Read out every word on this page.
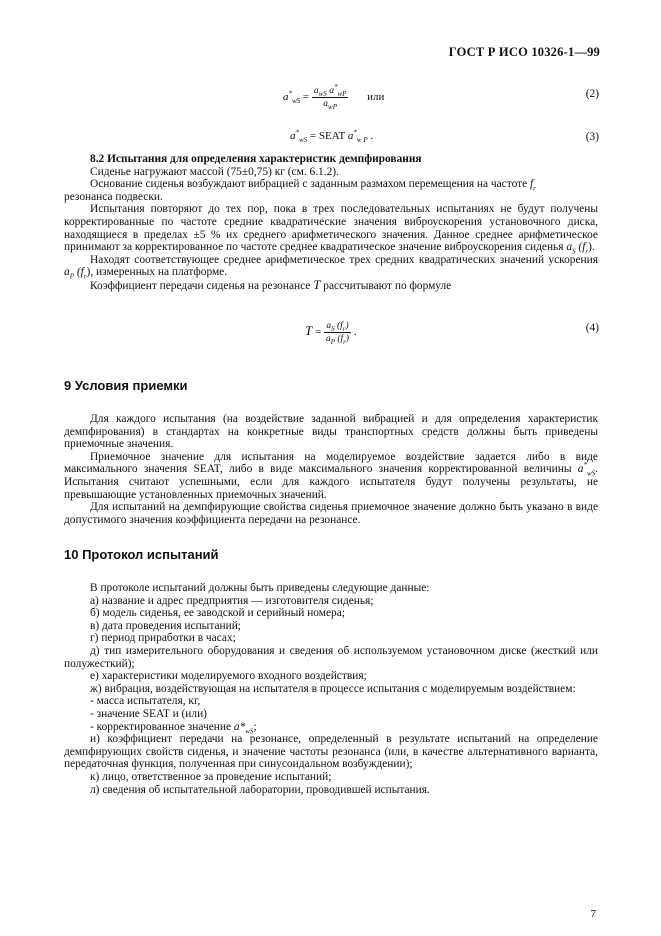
ГОСТ Р ИСО 10326-1—99
$a^*_{wS} = \frac{a_{wS} a^*_{wP}}{a_{wP}}$ или	(2)
$a^*_{wS}$ = SEAT $a^*_{w P}$ .	(3)

8.2 Испытания для определения характеристик демпфирования

Сиденье нагружают массой (75±0,75) кг (см. 6.1.2).

Основание сиденья возбуждают вибрацией с заданным размахом перемещения на частоте $f_r$
резонанса подвески.

Испытания повторяют до тех пор, пока в трех последовательных испытаниях не будут получены корректированные по частоте средние квадратические значения виброускорения установочного диска, находящиеся в пределах ±5 % их среднего арифметического значения. Данное среднее арифметическое принимают за корректированное по частоте среднее квадратическое значение виброускорения сиденья $a_S$ $(f_r)$.

Находят соответствующее среднее арифметическое трех средних квадратических значений ускорения $a_P$ $(f_r)$, измеренных на платформе.

Коэффициент передачи сиденья на резонансе T рассчитывают по формуле

$T = \frac{a_S (f_r)}{a_P (f_r)}$ .	(4)
9 Условия приемки

Для каждого испытания (на воздействие заданной вибрацией и для определения характеристик демпфирования) в стандартах на конкретные виды транспортных средств должны быть приведены приемочные значения.

Приемочное значение для испытания на моделируемое воздействие задается либо в виде максимального значения SEAT, либо в виде максимального значения корректированной величины $a^*_{wS}$. Испытания считают успешными, если для каждого испытателя будут получены результаты, не превышающие установленных приемочных значений.

Для испытаний на демпфирующие свойства сиденья приемочное значение должно быть указано в виде допустимого значения коэффициента передачи на резонансе.

10 Протокол испытаний

В протоколе испытаний должны быть приведены следующие данные:

а) название и адрес предприятия — изготовителя сиденья;
б) модель сиденья, ее заводской и серийный номера;
в) дата проведения испытаний;
г) период приработки в часах;
д) тип измерительного оборудования и сведения об используемом установочном диске (жесткий или полужесткий);
е) характеристики моделируемого входного воздействия;
ж) вибрация, воздействующая на испытателя в процессе испытания с моделируемым воздействием:
- масса испытателя, кг,
- значение SEAT и (или)
- корректированное значение $a*_{wS}$;
и) коэффициент передачи на резонансе, определенный в результате испытаний на определение демпфирующих свойств сиденья, и значение частоты резонанса (или, в качестве альтернативного варианта, передаточная функция, полученная при синусоидальном возбуждении);
к) лицо, ответственное за проведение испытаний;
л) сведения об испытательной лаборатории, проводившей испытания.
7
